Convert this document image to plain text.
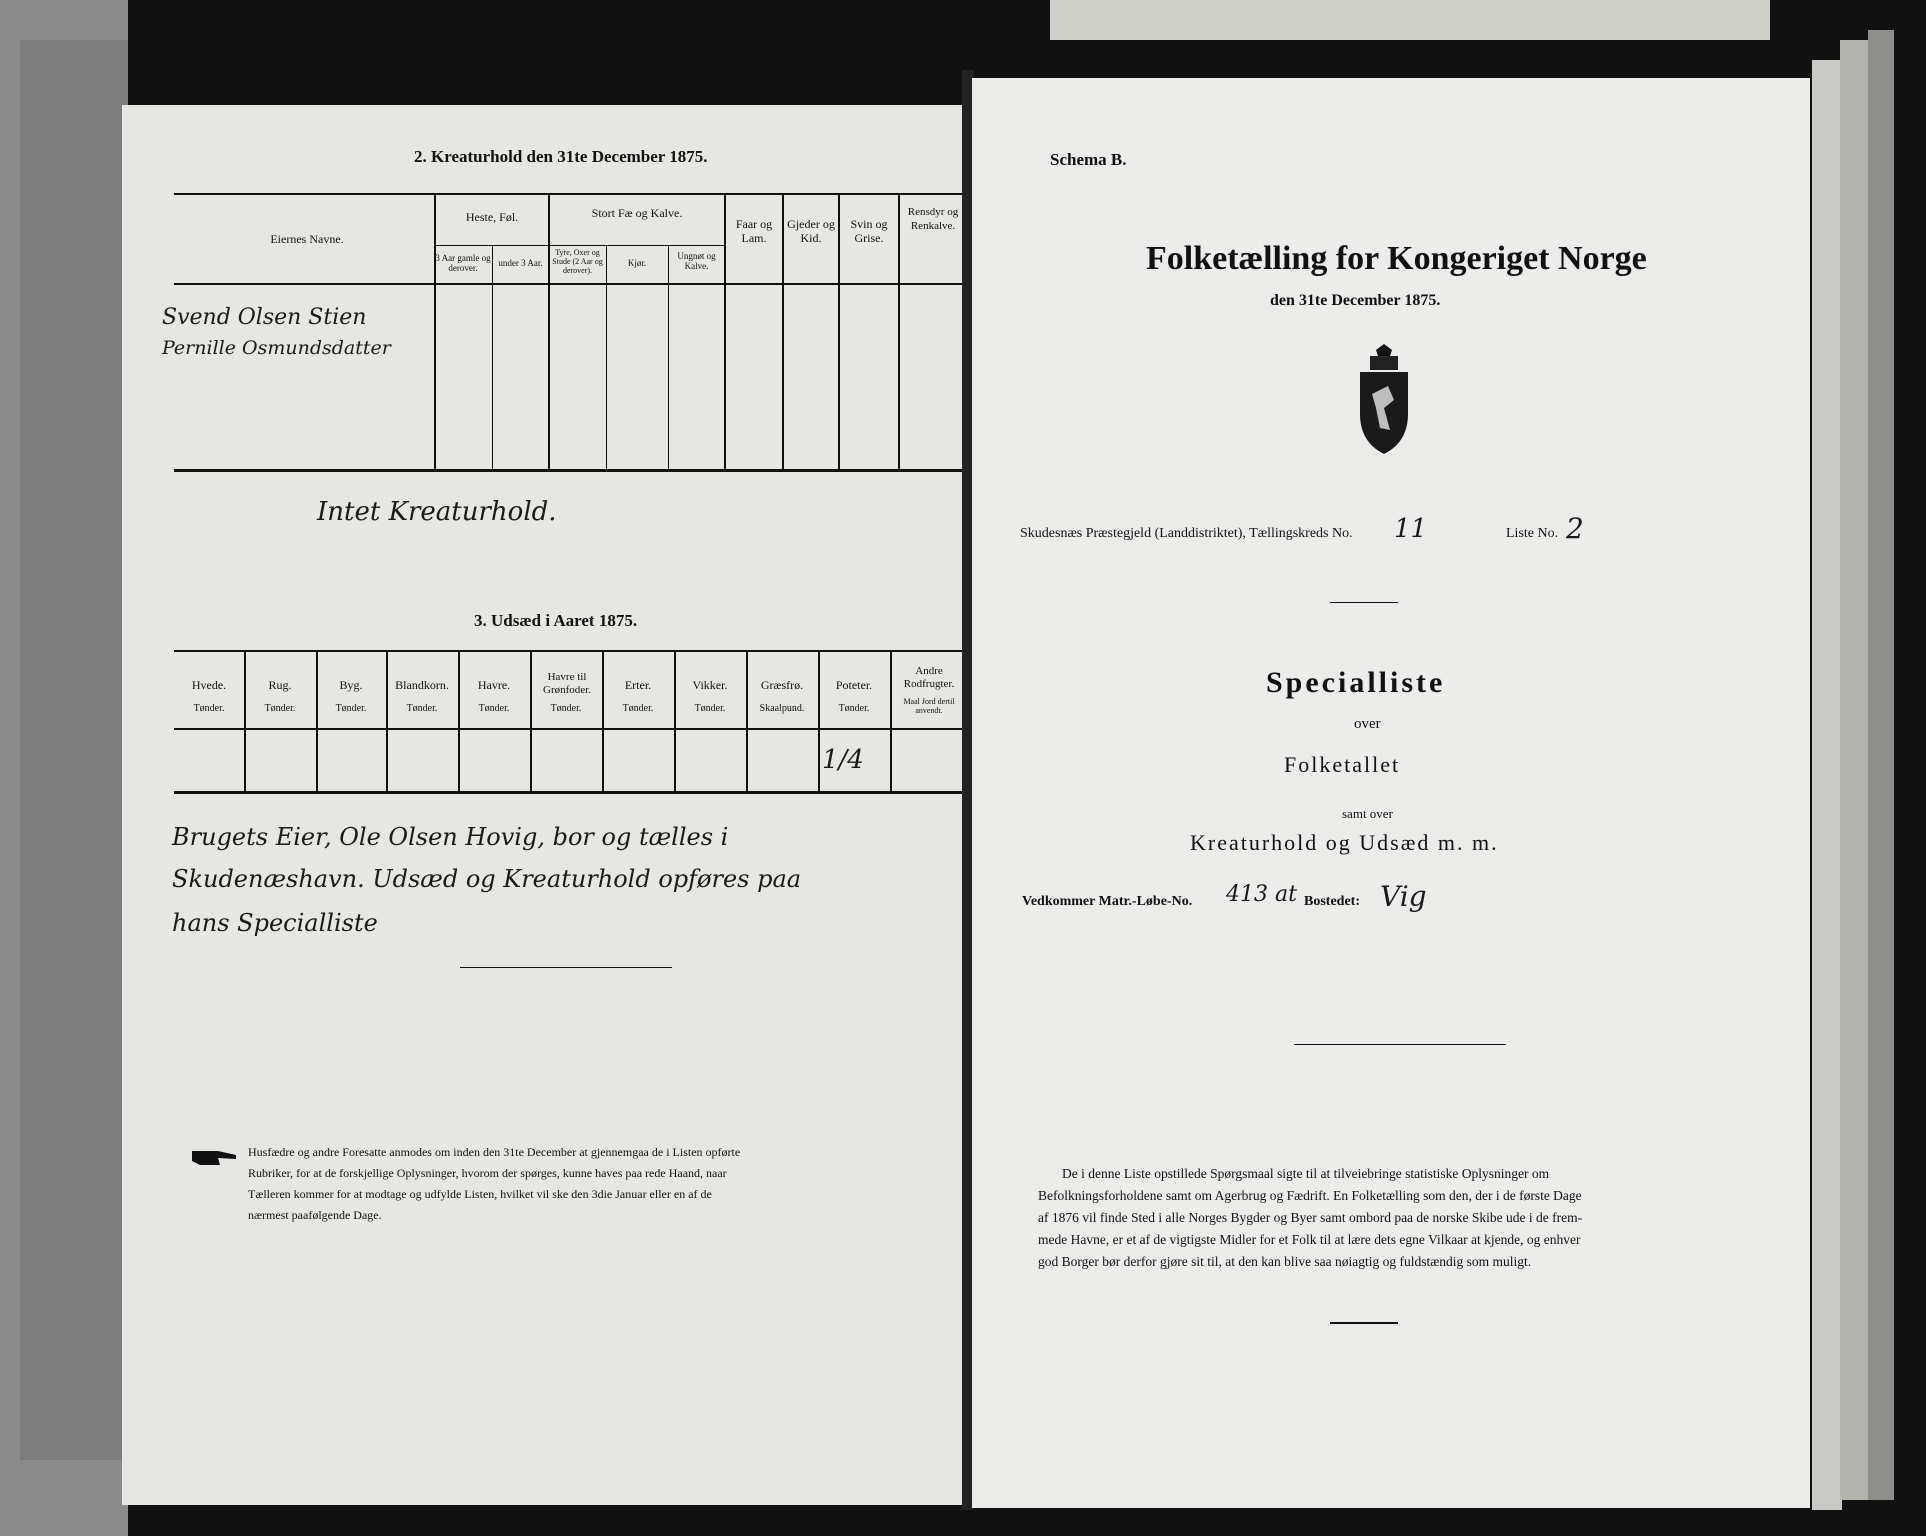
2. Kreaturhold den 31te December 1875.
Eiernes Navne.
Heste, Føl.
3 Aar gamle og derover.	under 3 Aar.
Stort Fæ og Kalve.
Tyre, Oxer og Stude (2 Aar og derover).
Kjør.
Ungnøt og Kalve.
Faar og Lam.
Gjeder og Kid.
Svin og Grise.
Rensdyr og Renkalve.
Svend Olsen Stien
Pernille Osmundsdatter
Intet Kreaturhold.
3. Udsæd i Aaret 1875.
Hvede.
Tønder.
Rug.
Tønder.
Byg.
Tønder.
Blandkorn.
Tønder.
Havre.
Tønder.
Havre til Grønfoder.
Tønder.
Erter.
Tønder.
Vikker.
Tønder.
Græsfrø.
Skaalpund.
Poteter.
Tønder.
Andre Rodfrugter.
Maal Jord dertil anvendt.
1/4
Brugets Eier, Ole Olsen Hovig, bor og tælles i
Skudenæshavn. Udsæd og Kreaturhold opføres paa
hans Specialliste
Husfædre og andre Foresatte anmodes om inden den 31te December at gjennemgaa de i Listen opførte
Rubriker, for at de forskjellige Oplysninger, hvorom der spørges, kunne haves paa rede Haand, naar
Tælleren kommer for at modtage og udfylde Listen, hvilket vil ske den 3die Januar eller en af de
nærmest paafølgende Dage.
Schema B.
Folketælling for Kongeriget Norge
den 31te December 1875.
Skudesnæs Præstegjeld (Landdistriktet), Tællingskreds No. 11	Liste No. 2
Specialliste
over
Folketallet
samt over
Kreaturhold og Udsæd m. m.
Vedkommer Matr.-Løbe-No. 413 at Bostedet: Vig
De i denne Liste opstillede Spørgsmaal sigte til at tilveiebringe statistiske Oplysninger om
Befolkningsforholdene samt om Agerbrug og Fædrift. En Folketælling som den, der i de første Dage
af 1876 vil finde Sted i alle Norges Bygder og Byer samt ombord paa de norske Skibe ude i de frem-
mede Havne, er et af de vigtigste Midler for et Folk til at lære dets egne Vilkaar at kjende, og enhver
god Borger bør derfor gjøre sit til, at den kan blive saa nøiagtig og fuldstændig som muligt.
